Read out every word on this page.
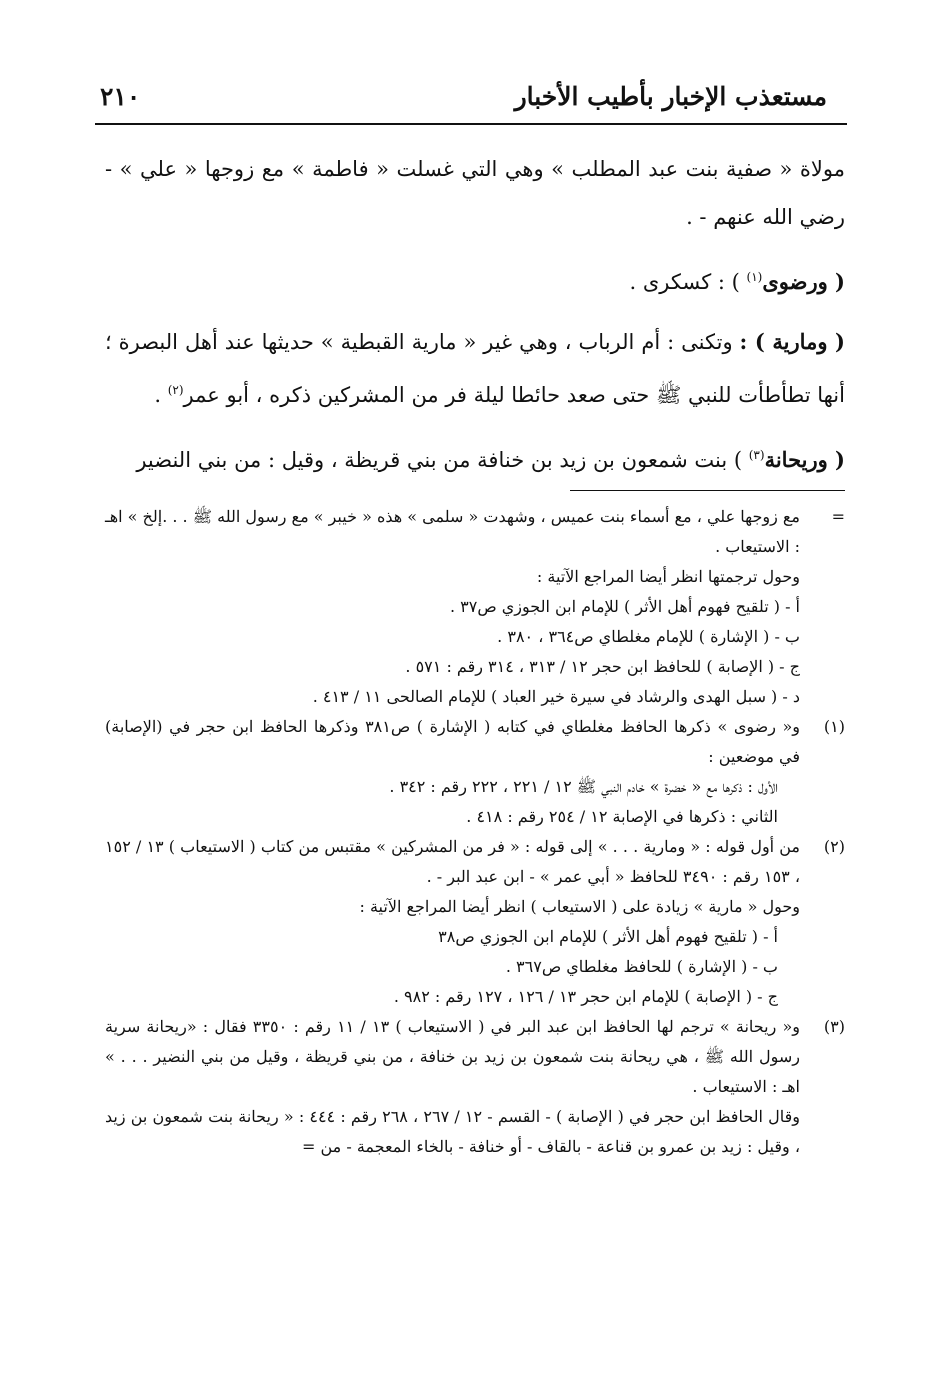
مستعذب الإخبار بأطيب الأخبار
٢١٠

مولاة « صفية بنت عبد المطلب » وهي التي غسلت « فاطمة » مع زوجها « علي » - رضي الله عنهم - .

( ورضوى$^{(١)}$ ) : كسكرى .

( ومارية ) : وتكنى : أم الرباب ، وهي غير « مارية القبطية » حديثها عند أهل البصرة ؛ أنها تطأطأت للنبي ﷺ حتى صعد حائطا ليلة فر من المشركين ذكره ، أبو عمر$^{(٢)}$ .

( وريحانة$^{(٣)}$ ) بنت شمعون بن زيد بن خنافة من بني قريظة ، وقيل : من بني النضير

=

مع زوجها علي ، مع أسماء بنت عميس ، وشهدت « سلمى » هذه « خيبر » مع رسول الله ﷺ . . .إلخ » اهـ : الاستيعاب .

وحول ترجمتها انظر أيضا المراجع الآتية :

أ - ( تلقيح فهوم أهل الأثر ) للإمام ابن الجوزي ص٣٧ .

ب - ( الإشارة ) للإمام مغلطاي ص٣٦٤ ، ٣٨٠ .

ج - ( الإصابة ) للحافظ ابن حجر ١٢ / ٣١٣ ، ٣١٤ رقم : ٥٧١ .

د - ( سبل الهدى والرشاد في سيرة خير العباد ) للإمام الصالحى ١١ / ٤١٣ .

(١)

و« رضوى » ذكرها الحافظ مغلطاي في كتابه ( الإشارة ) ص٣٨١ وذكرها الحافظ ابن حجر في (الإصابة) في موضعين :

الأول : ذكرها مع « خضرة » خادم النبي ﷺ ١٢ / ٢٢١ ، ٢٢٢ رقم : ٣٤٢ .

الثاني : ذكرها في الإصابة ١٢ / ٢٥٤ رقم : ٤١٨ .

(٢)

من أول قوله : « ومارية . . . » إلى قوله : « فر من المشركين » مقتبس من كتاب ( الاستيعاب ) ١٣ / ١٥٢ ، ١٥٣ رقم : ٣٤٩٠ للحافظ « أبي عمر » - ابن عبد البر - .

وحول « مارية » زيادة على ( الاستيعاب ) انظر أيضا المراجع الآتية :

أ - ( تلقيح فهوم أهل الأثر ) للإمام ابن الجوزي ص٣٨

ب - ( الإشارة ) للحافظ مغلطاي ص٣٦٧ .

ج - ( الإصابة ) للإمام ابن حجر ١٣ / ١٢٦ ، ١٢٧ رقم : ٩٨٢ .

(٣)

و« ريحانة » ترجم لها الحافظ ابن عبد البر في ( الاستيعاب ) ١٣ / ١١ رقم : ٣٣٥٠ فقال : «ريحانة سرية رسول الله ﷺ ، هي ريحانة بنت شمعون بن زيد بن خنافة ، من بني قريظة ، وقيل من بني النضير . . . » اهـ : الاستيعاب .

وقال الحافظ ابن حجر في ( الإصابة ) - القسم - ١٢ / ٢٦٧ ، ٢٦٨ رقم : ٤٤٤ : « ريحانة بنت شمعون بن زيد ، وقيل : زيد بن عمرو بن قناعة - بالقاف - أو خنافة - بالخاء المعجمة - من =
